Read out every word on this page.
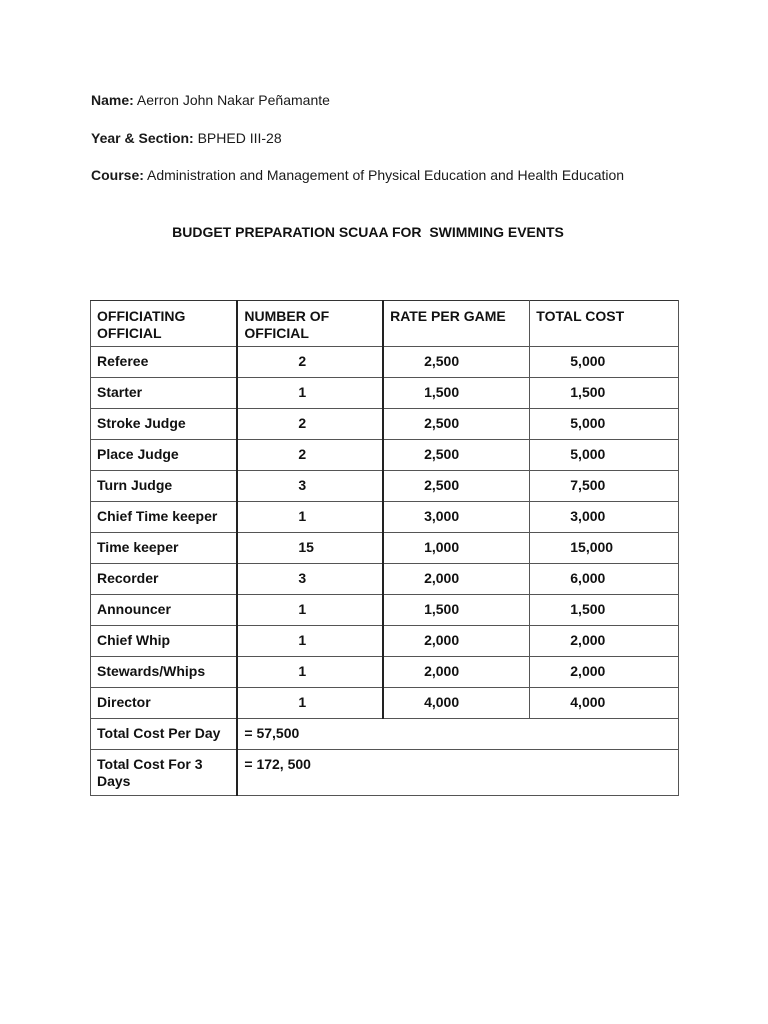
Name: Aerron John Nakar Peñamante
Year & Section: BPHED III-28
Course: Administration and Management of Physical Education and Health Education
BUDGET PREPARATION SCUAA FOR  SWIMMING EVENTS
OFFICIATING OFFICIAL	NUMBER OF OFFICIAL	RATE PER GAME	TOTAL COST
Referee	2	2,500	5,000
Starter	1	1,500	1,500
Stroke Judge	2	2,500	5,000
Place Judge	2	2,500	5,000
Turn Judge	3	2,500	7,500
Chief Time keeper	1	3,000	3,000
Time keeper	15	1,000	15,000
Recorder	3	2,000	6,000
Announcer	1	1,500	1,500
Chief Whip	1	2,000	2,000
Stewards/Whips	1	2,000	2,000
Director	1	4,000	4,000
Total Cost Per Day	= 57,500		
Total Cost For 3 Days	= 172, 500		
